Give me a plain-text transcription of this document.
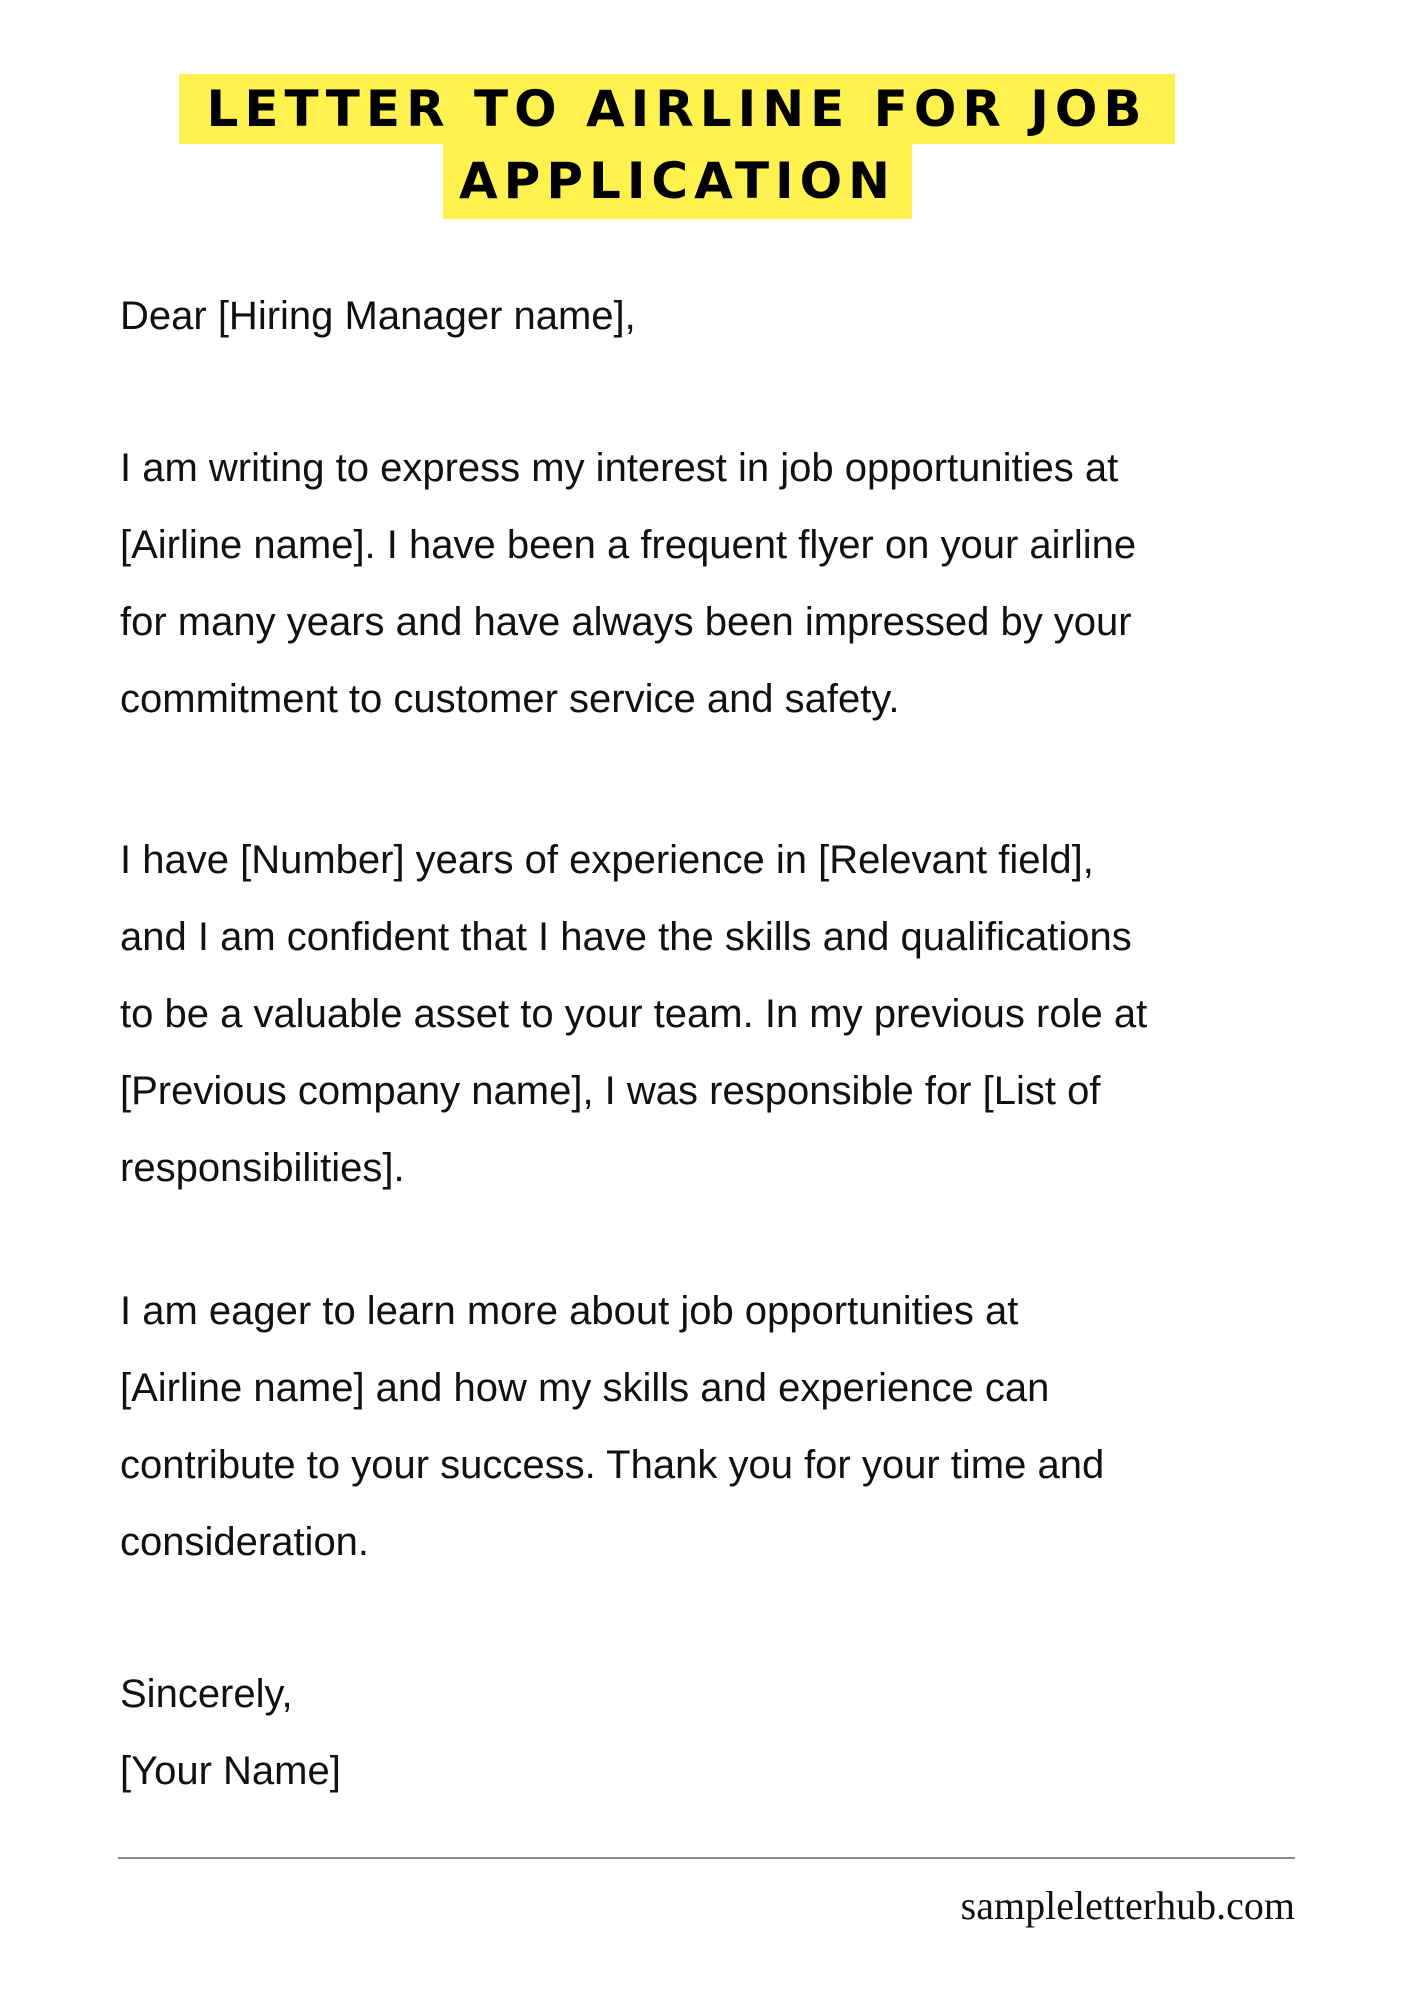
LETTER TO AIRLINE FOR JOB
APPLICATION
Dear [Hiring Manager name],
I am writing to express my interest in job opportunities at
[Airline name]. I have been a frequent flyer on your airline
for many years and have always been impressed by your
commitment to customer service and safety.
I have [Number] years of experience in [Relevant field],
and I am confident that I have the skills and qualifications
to be a valuable asset to your team. In my previous role at
[Previous company name], I was responsible for [List of
responsibilities].
I am eager to learn more about job opportunities at
[Airline name] and how my skills and experience can
contribute to your success. Thank you for your time and
consideration.
Sincerely,
[Your Name]
sampleletterhub.com
